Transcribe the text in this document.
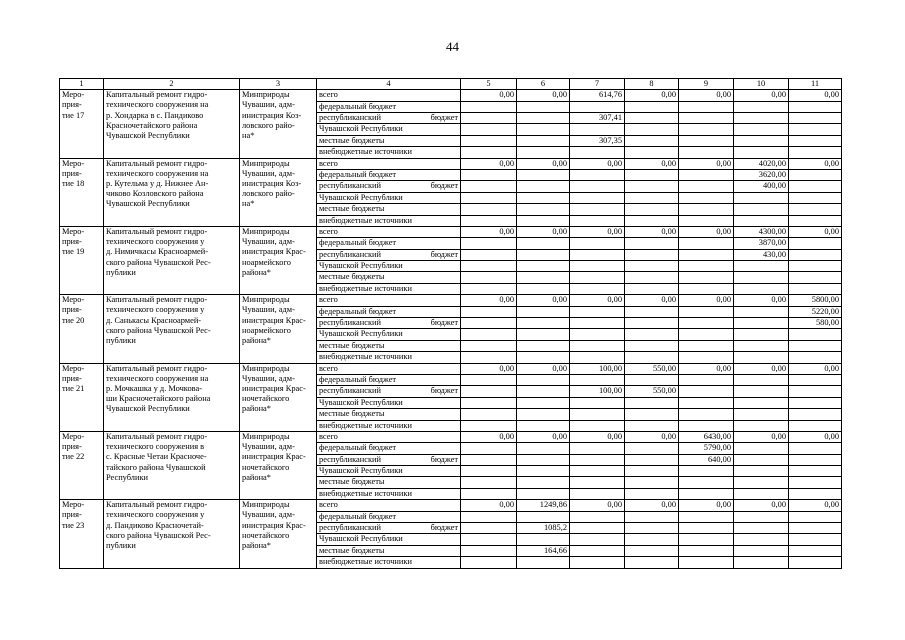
44
1	2	3	4	5	6	7	8	9	10	11
Меро-
прия-
тие 17	Капитальный ремонт гидро-
технического сооружения на
р. Хондарка в с. Пандиково
Красночетайского района
Чувашской Республики	Минприроды
Чувашии, адм-
инистрация Коз-
ловского райо-
на*	всего	0,00	0,00	614,76	0,00	0,00	0,00	0,00
			федеральный бюджет							
			республиканский бюджет			307,41				
			Чувашской Республики							
			местные бюджеты			307,35				
			внебюджетные источники							
Меро-
прия-
тие 18	Капитальный ремонт гидро-
технического сооружения на
р. Кутельма у д. Нижнее Ан-
чиково Козловского района
Чувашской Республики	Минприроды
Чувашии, адм-
инистрация Коз-
ловского райо-
на*	всего	0,00	0,00	0,00	0,00	0,00	4020,00	0,00
			федеральный бюджет						3620,00	
			республиканский бюджет						400,00	
			Чувашской Республики							
			местные бюджеты							
			внебюджетные источники							
Меро-
прия-
тие 19	Капитальный ремонт гидро-
технического сооружения у
д. Нимичкасы Красноармей-
ского района Чувашской Рес-
публики	Минприроды
Чувашии, адм-
инистрация Крас-
ноармейского
района*	всего	0,00	0,00	0,00	0,00	0,00	4300,00	0,00
			федеральный бюджет						3870,00	
			республиканский бюджет						430,00	
			Чувашской Республики							
			местные бюджеты							
			внебюджетные источники							
Меро-
прия-
тие 20	Капитальный ремонт гидро-
технического сооружения у
д. Санькасы Красноармей-
ского района Чувашской Рес-
публики	Минприроды
Чувашии, адм-
инистрация Крас-
ноармейского
района*	всего	0,00	0,00	0,00	0,00	0,00	0,00	5800,00
			федеральный бюджет							5220,00
			республиканский бюджет							580,00
			Чувашской Республики							
			местные бюджеты							
			внебюджетные источники							
Меро-
прия-
тие 21	Капитальный ремонт гидро-
технического сооружения на
р. Мочкашка у д. Мочкова-
ши Красночетайского района
Чувашской Республики	Минприроды
Чувашии, адм-
инистрация Крас-
ночетайского
района*	всего	0,00	0,00	100,00	550,00	0,00	0,00	0,00
			федеральный бюджет							
			республиканский бюджет			100,00	550,00			
			Чувашской Республики							
			местные бюджеты							
			внебюджетные источники							
Меро-
прия-
тие 22	Капитальный ремонт гидро-
технического сооружения в
с. Красные Четаи Красноче-
тайского района Чувашской
Республики	Минприроды
Чувашии, адм-
инистрация Крас-
ночетайского
района*	всего	0,00	0,00	0,00	0,00	6430,00	0,00	0,00
			федеральный бюджет					5790,00		
			республиканский бюджет					640,00		
			Чувашской Республики							
			местные бюджеты							
			внебюджетные источники							
Меро-
прия-
тие 23	Капитальный ремонт гидро-
технического сооружения у
д. Пандиково Красночетай-
ского района Чувашской Рес-
публики	Минприроды
Чувашии, адм-
инистрация Крас-
ночетайского
района*	всего	0,00	1249,86	0,00	0,00	0,00	0,00	0,00
			федеральный бюджет							
			республиканский бюджет		1085,2					
			Чувашской Республики							
			местные бюджеты		164,66					
			внебюджетные источники							
